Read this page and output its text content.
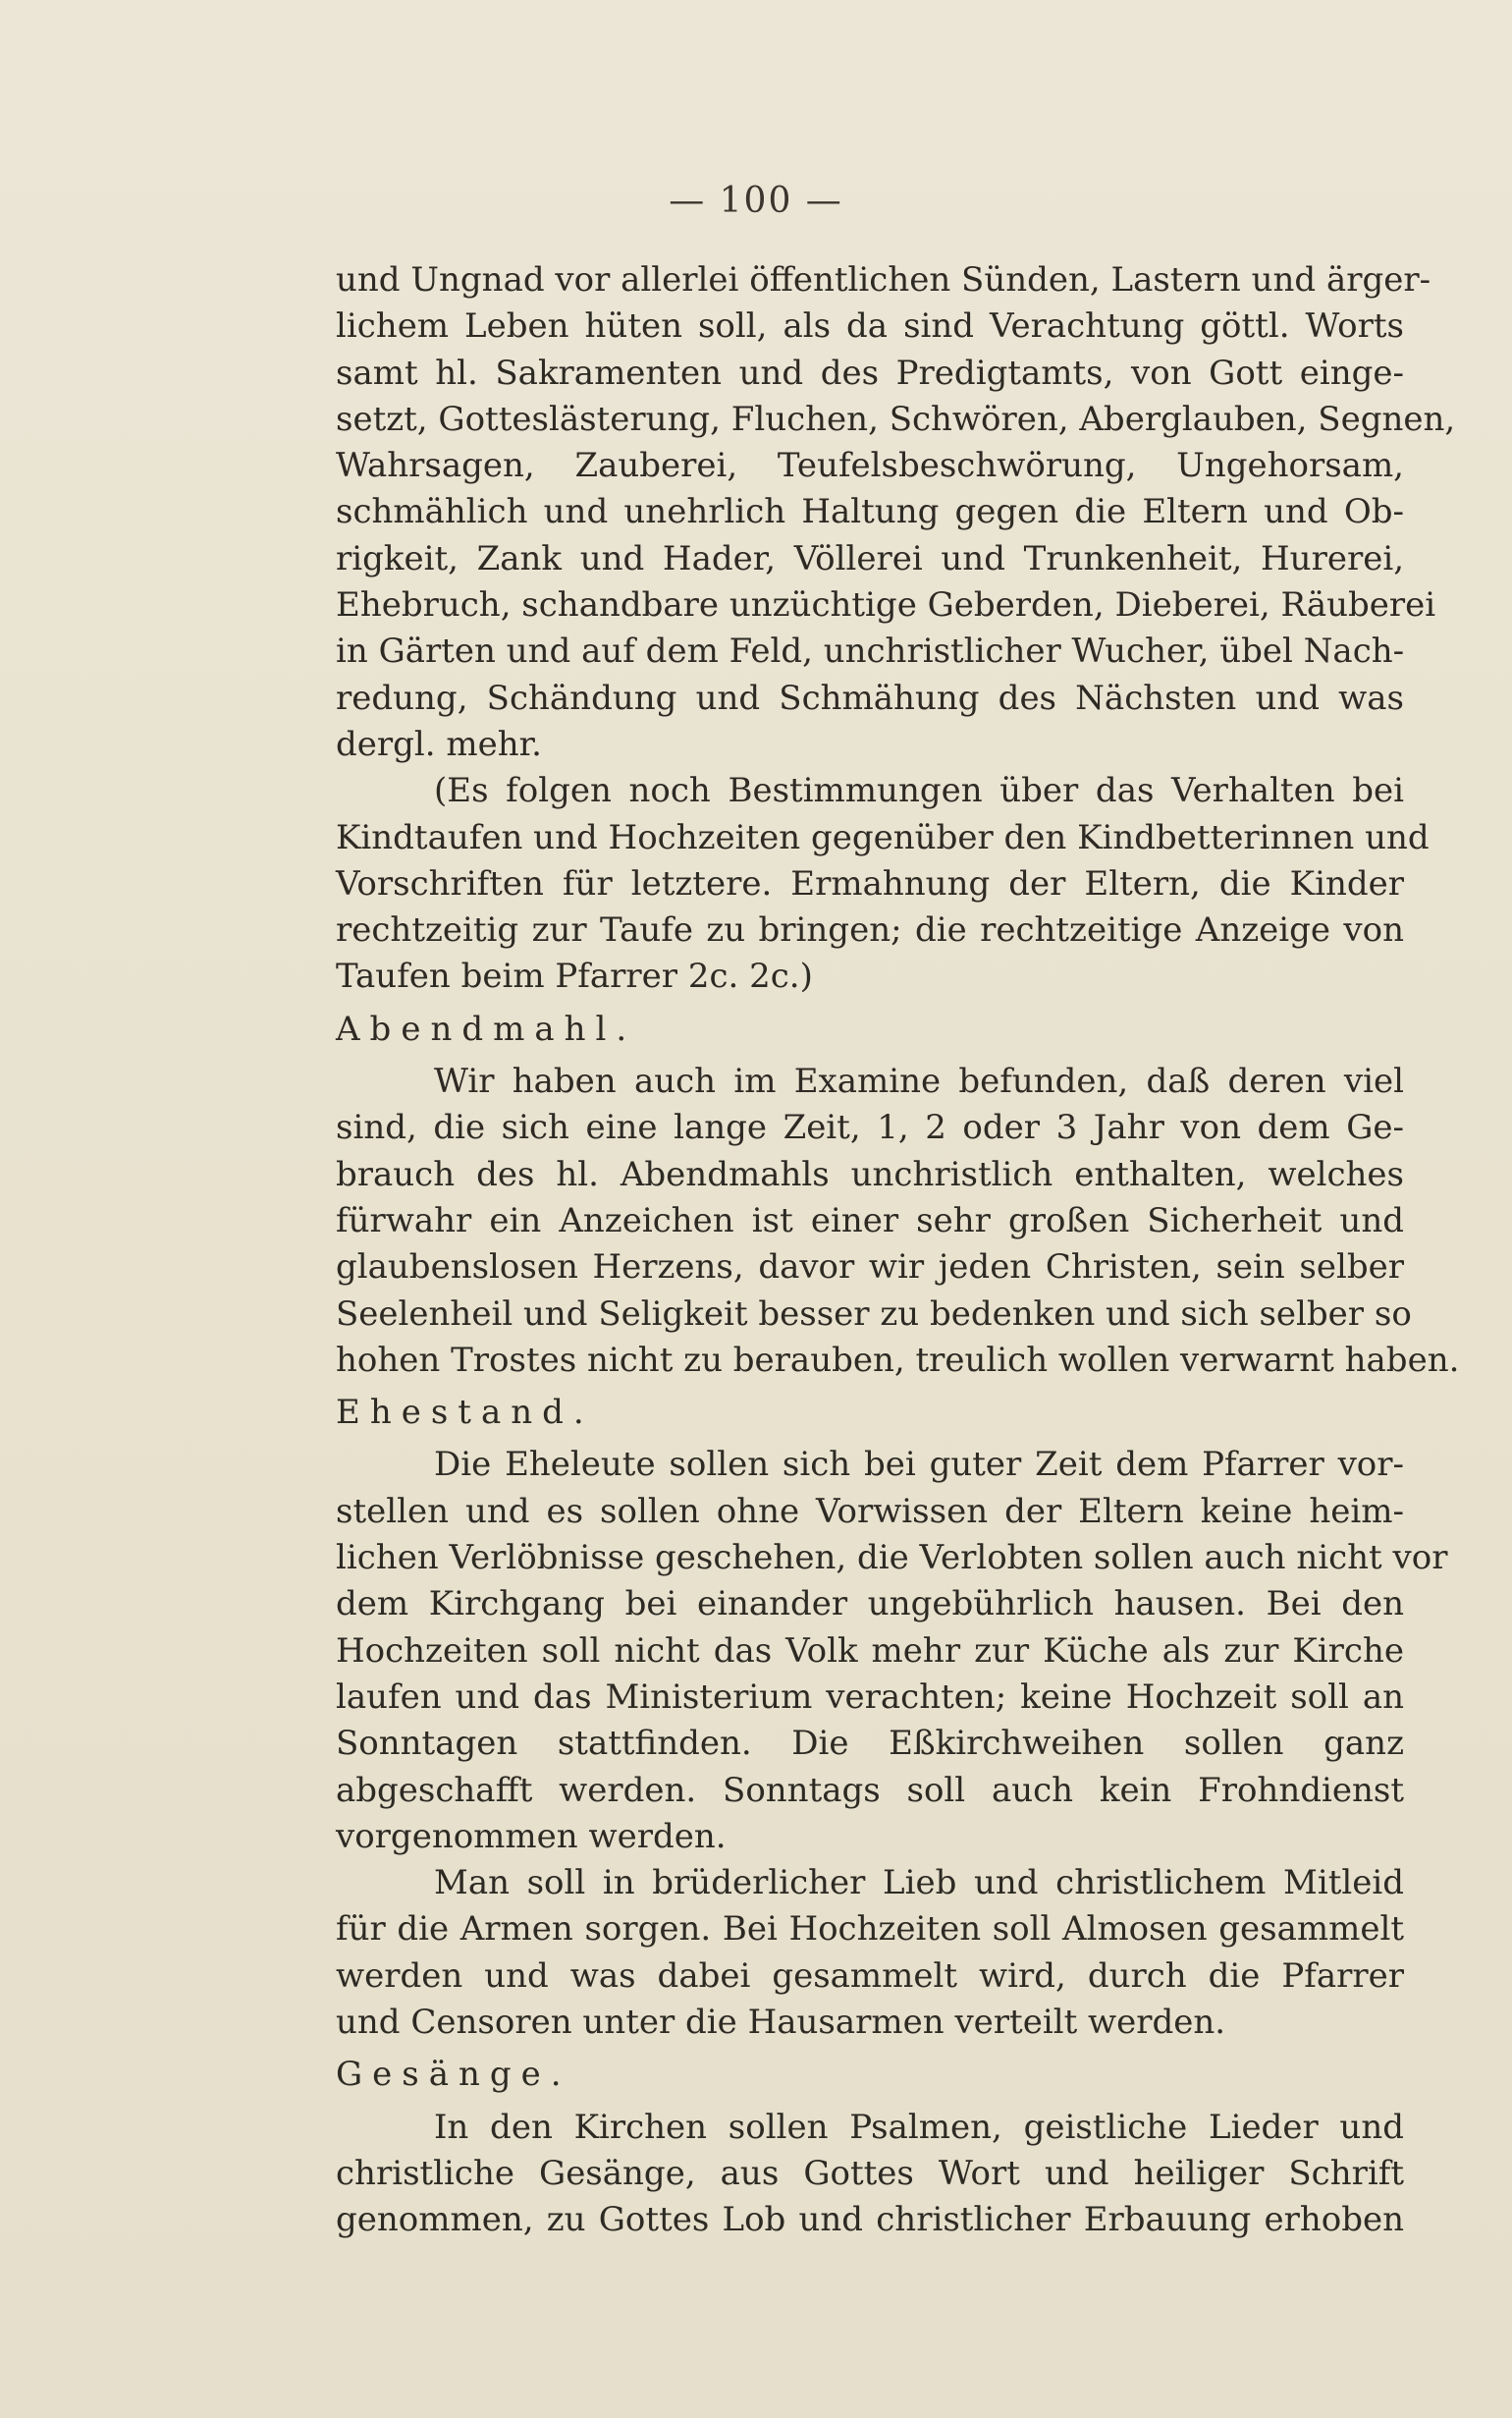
— 100 —

und Ungnad vor allerlei öffentlichen Sünden, Lastern und ärger-
lichem Leben hüten soll, als da sind Verachtung göttl. Worts
samt hl. Sakramenten und des Predigtamts, von Gott einge-
setzt, Gotteslästerung, Fluchen, Schwören, Aberglauben, Segnen,
Wahrsagen, Zauberei, Teufelsbeschwörung, Ungehorsam,
schmählich und unehrlich Haltung gegen die Eltern und Ob-
rigkeit, Zank und Hader, Völlerei und Trunkenheit, Hurerei,
Ehebruch, schandbare unzüchtige Geberden, Dieberei, Räuberei
in Gärten und auf dem Feld, unchristlicher Wucher, übel Nach-
redung, Schändung und Schmähung des Nächsten und was
dergl. mehr.

(Es folgen noch Bestimmungen über das Verhalten bei
Kindtaufen und Hochzeiten gegenüber den Kindbetterinnen und
Vorschriften für letztere. Ermahnung der Eltern, die Kinder
rechtzeitig zur Taufe zu bringen; die rechtzeitige Anzeige von
Taufen beim Pfarrer 2c. 2c.)

Abendmahl.

Wir haben auch im Examine befunden, daß deren viel
sind, die sich eine lange Zeit, 1, 2 oder 3 Jahr von dem Ge-
brauch des hl. Abendmahls unchristlich enthalten, welches
fürwahr ein Anzeichen ist einer sehr großen Sicherheit und
glaubenslosen Herzens, davor wir jeden Christen, sein selber
Seelenheil und Seligkeit besser zu bedenken und sich selber so
hohen Trostes nicht zu berauben, treulich wollen verwarnt haben.

Ehestand.

Die Eheleute sollen sich bei guter Zeit dem Pfarrer vor-
stellen und es sollen ohne Vorwissen der Eltern keine heim-
lichen Verlöbnisse geschehen, die Verlobten sollen auch nicht vor
dem Kirchgang bei einander ungebührlich hausen. Bei den
Hochzeiten soll nicht das Volk mehr zur Küche als zur Kirche
laufen und das Ministerium verachten; keine Hochzeit soll an
Sonntagen stattfinden. Die Eßkirchweihen sollen ganz
abgeschafft werden. Sonntags soll auch kein Frohndienst
vorgenommen werden.

Man soll in brüderlicher Lieb und christlichem Mitleid
für die Armen sorgen. Bei Hochzeiten soll Almosen gesammelt
werden und was dabei gesammelt wird, durch die Pfarrer
und Censoren unter die Hausarmen verteilt werden.

Gesänge.

In den Kirchen sollen Psalmen, geistliche Lieder und
christliche Gesänge, aus Gottes Wort und heiliger Schrift
genommen, zu Gottes Lob und christlicher Erbauung erhoben
